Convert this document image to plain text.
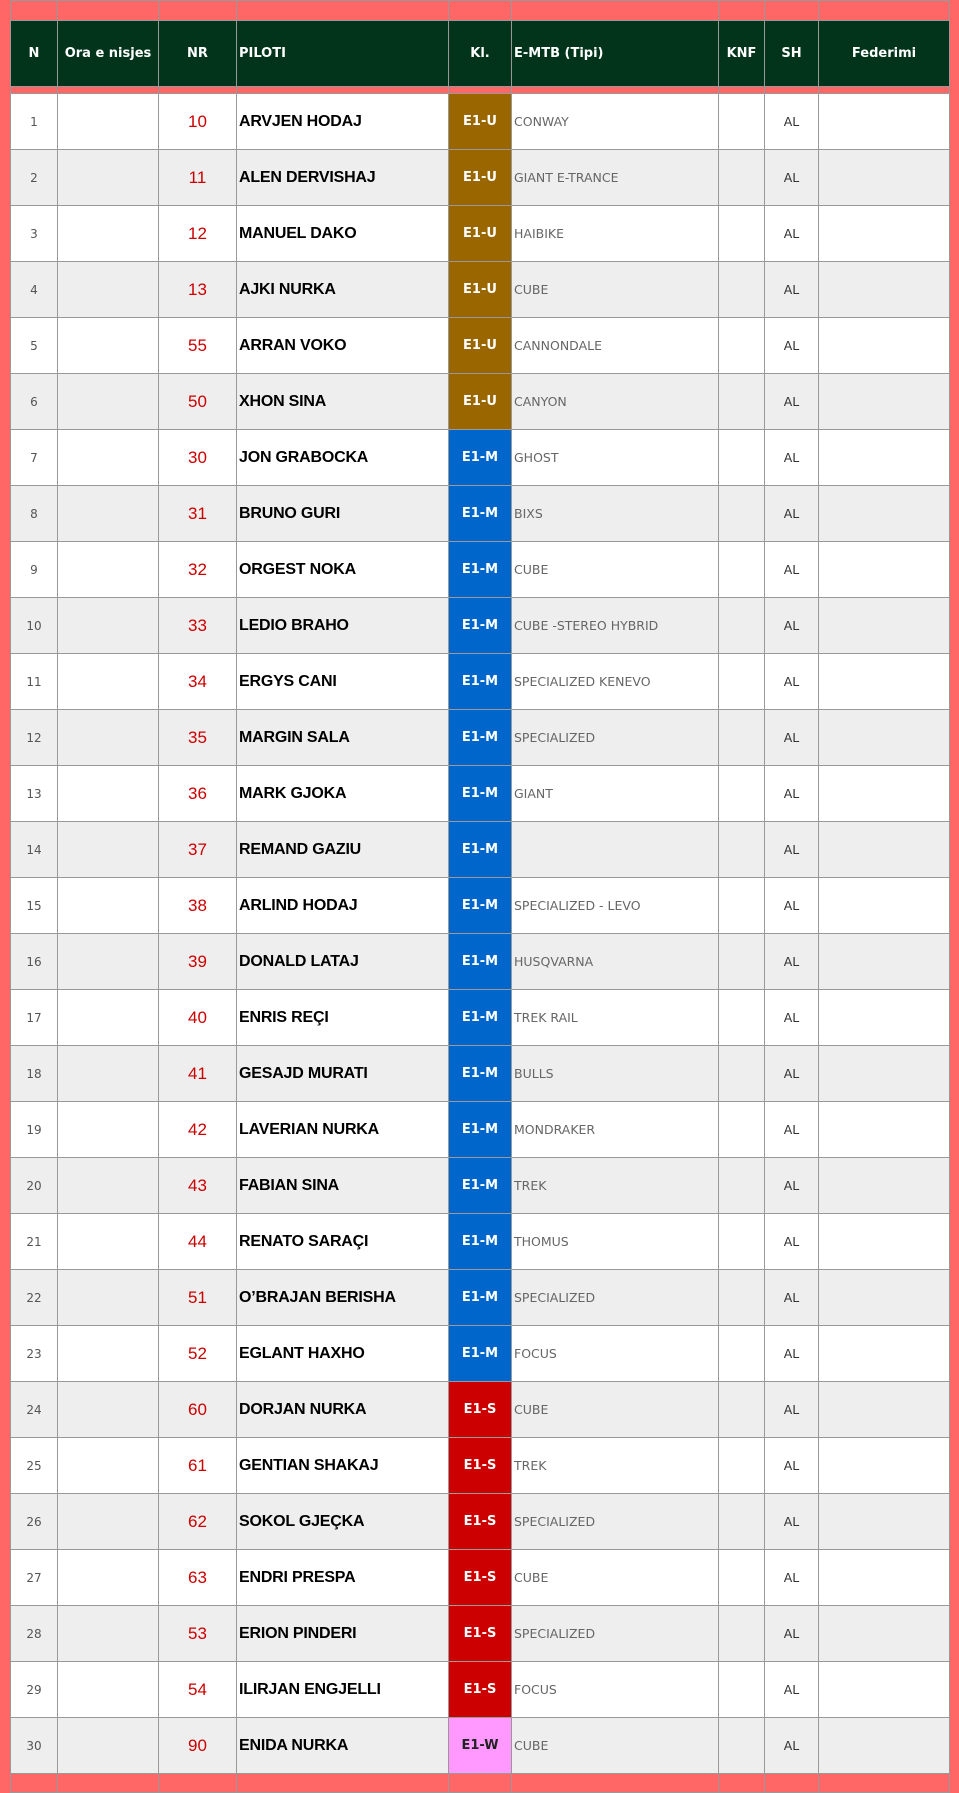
N	Ora e nisjes	NR	PILOTI	Kl.	E-MTB (Tipi)	KNF	SH	Federimi

1		10	ARVJEN HODAJ	E1-U	CONWAY		AL	
2		11	ALEN DERVISHAJ	E1-U	GIANT E-TRANCE		AL	
3		12	MANUEL DAKO	E1-U	HAIBIKE		AL	
4		13	AJKI NURKA	E1-U	CUBE		AL	
5		55	ARRAN VOKO	E1-U	CANNONDALE		AL	
6		50	XHON SINA	E1-U	CANYON		AL	
7		30	JON GRABOCKA	E1-M	GHOST		AL	
8		31	BRUNO GURI	E1-M	BIXS		AL	
9		32	ORGEST NOKA	E1-M	CUBE		AL	
10		33	LEDIO BRAHO	E1-M	CUBE -STEREO HYBRID		AL	
11		34	ERGYS CANI	E1-M	SPECIALIZED KENEVO		AL	
12		35	MARGIN SALA	E1-M	SPECIALIZED		AL	
13		36	MARK GJOKA	E1-M	GIANT		AL	
14		37	REMAND GAZIU	E1-M			AL	
15		38	ARLIND HODAJ	E1-M	SPECIALIZED - LEVO		AL	
16		39	DONALD LATAJ	E1-M	HUSQVARNA		AL	
17		40	ENRIS REÇI	E1-M	TREK RAIL		AL	
18		41	GESAJD MURATI	E1-M	BULLS		AL	
19		42	LAVERIAN NURKA	E1-M	MONDRAKER		AL	
20		43	FABIAN SINA	E1-M	TREK		AL	
21		44	RENATO SARAÇI	E1-M	THOMUS		AL	
22		51	O’BRAJAN BERISHA	E1-M	SPECIALIZED		AL	
23		52	EGLANT HAXHO	E1-M	FOCUS		AL	
24		60	DORJAN NURKA	E1-S	CUBE		AL	
25		61	GENTIAN SHAKAJ	E1-S	TREK		AL	
26		62	SOKOL GJEÇKA	E1-S	SPECIALIZED		AL	
27		63	ENDRI PRESPA	E1-S	CUBE		AL	
28		53	ERION PINDERI	E1-S	SPECIALIZED		AL	
29		54	ILIRJAN ENGJELLI	E1-S	FOCUS		AL	
30		90	ENIDA NURKA	E1-W	CUBE		AL	
